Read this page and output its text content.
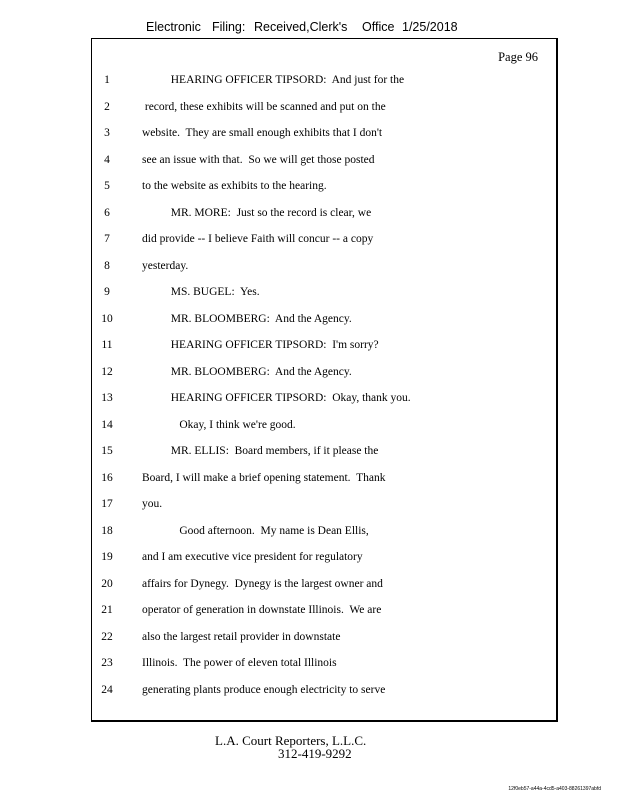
Electronic Filing: Received,Clerk's Office 1/25/2018
Page 96
1	HEARING OFFICER TIPSORD:  And just for the
2	record, these exhibits will be scanned and put on the
3	website.  They are small enough exhibits that I don't
4	see an issue with that.  So we will get those posted
5	to the website as exhibits to the hearing.
6	MR. MORE:  Just so the record is clear, we
7	did provide -- I believe Faith will concur -- a copy
8	yesterday.
9	MS. BUGEL:  Yes.
10	MR. BLOOMBERG:  And the Agency.
11	HEARING OFFICER TIPSORD:  I'm sorry?
12	MR. BLOOMBERG:  And the Agency.
13	HEARING OFFICER TIPSORD:  Okay, thank you.
14	Okay, I think we're good.
15	MR. ELLIS:  Board members, if it please the
16	Board, I will make a brief opening statement.  Thank
17	you.
18	Good afternoon.  My name is Dean Ellis,
19	and I am executive vice president for regulatory
20	affairs for Dynegy.  Dynegy is the largest owner and
21	operator of generation in downstate Illinois.  We are
22	also the largest retail provider in downstate
23	Illinois.  The power of eleven total Illinois
24	generating plants produce enough electricity to serve
L.A. Court Reporters, L.L.C.
312-419-9292
12f0eb57-a44a-4cd5-a403-88261397abfd
